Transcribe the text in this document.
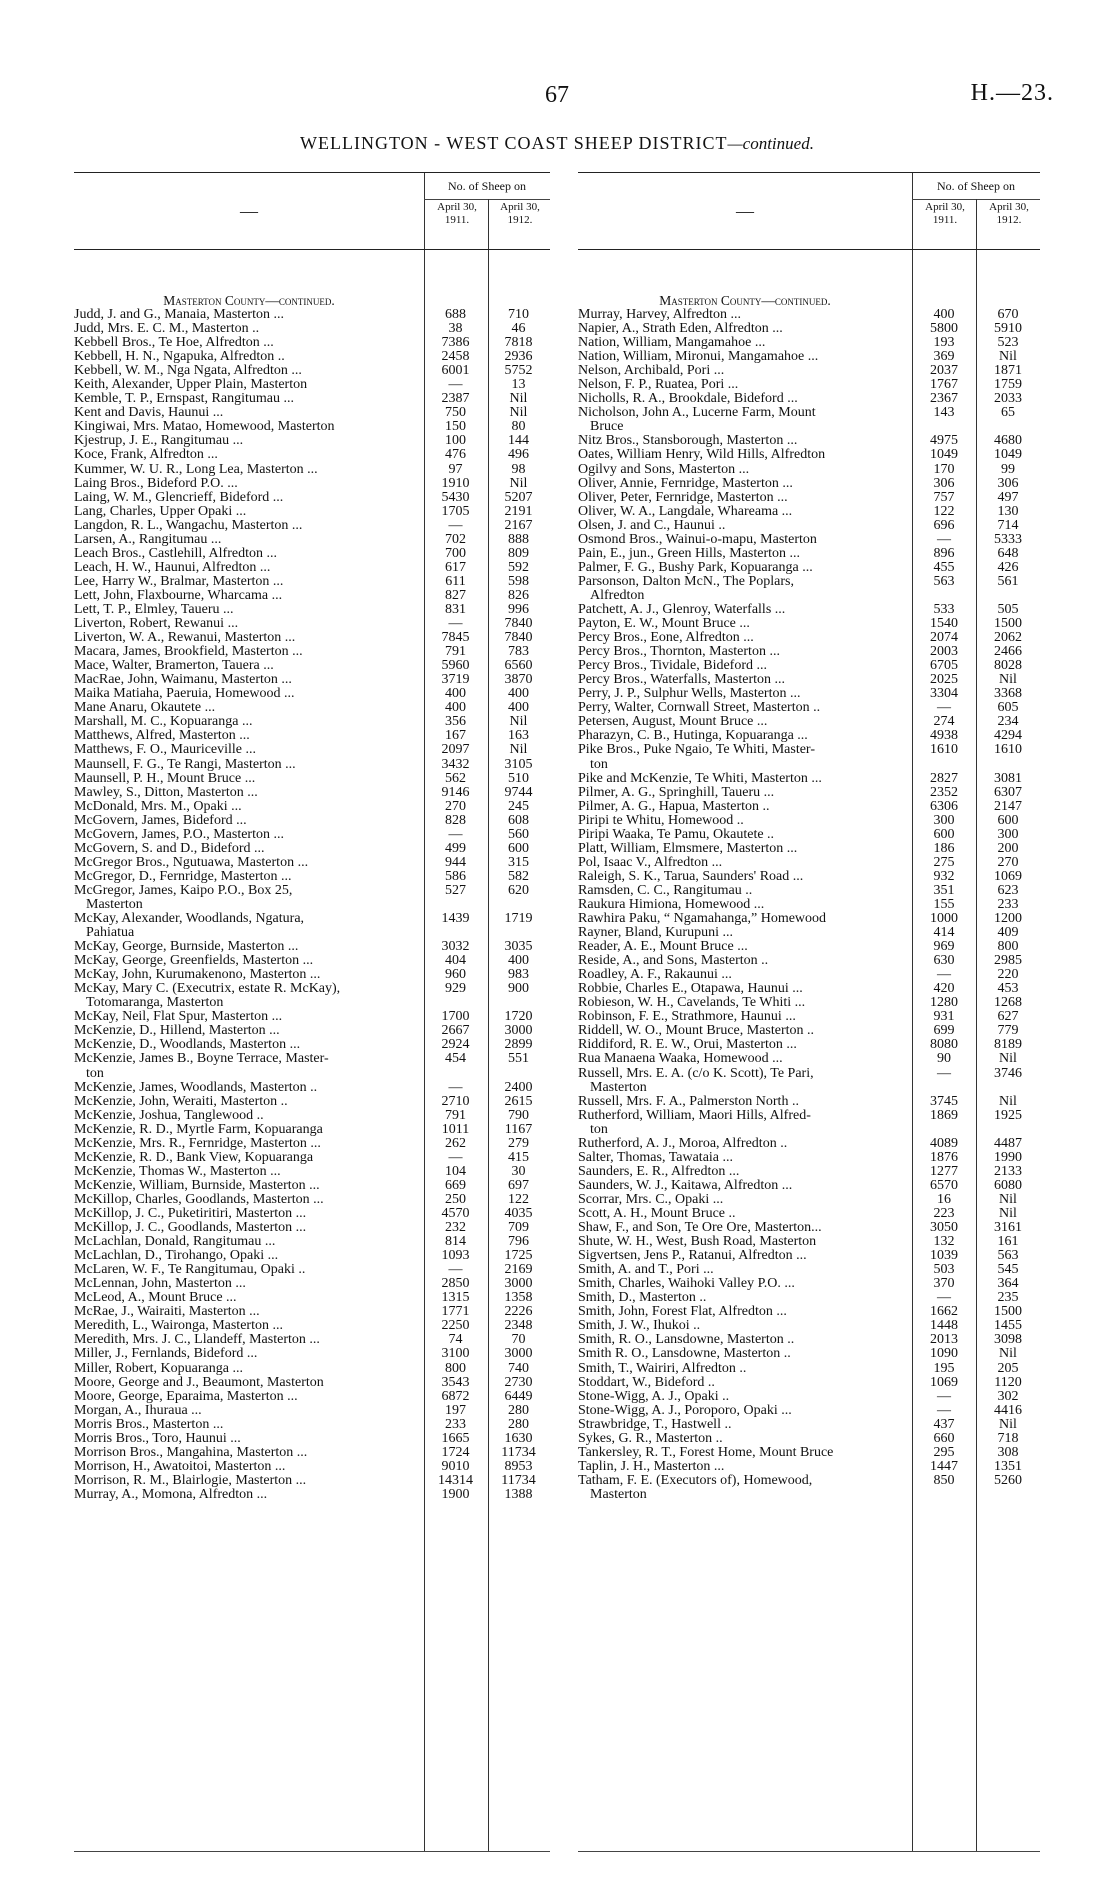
67	H.—23.
WELLINGTON - WEST COAST SHEEP DISTRICT—continued.
—
No. of Sheep on
April 30, 1911.
April 30, 1912.
Masterton County—continued.
Judd, J. and G., Manaia, Masterton ...	688	710
Judd, Mrs. E. C. M., Masterton ..	38	46
Kebbell Bros., Te Hoe, Alfredton ...	7386	7818
Kebbell, H. N., Ngapuka, Alfredton ..	2458	2936
Kebbell, W. M., Nga Ngata, Alfredton ...	6001	5752
Keith, Alexander, Upper Plain, Masterton	—	13
Kemble, T. P., Ernspast, Rangitumau ...	2387	Nil
Kent and Davis, Haunui ...	750	Nil
Kingiwai, Mrs. Matao, Homewood, Masterton	150	80
Kjestrup, J. E., Rangitumau ...	100	144
Koce, Frank, Alfredton ...	476	496
Kummer, W. U. R., Long Lea, Masterton ...	97	98
Laing Bros., Bideford P.O. ...	1910	Nil
Laing, W. M., Glencrieff, Bideford ...	5430	5207
Lang, Charles, Upper Opaki ...	1705	2191
Langdon, R. L., Wangachu, Masterton ...	—	2167
Larsen, A., Rangitumau ...	702	888
Leach Bros., Castlehill, Alfredton ...	700	809
Leach, H. W., Haunui, Alfredton ...	617	592
Lee, Harry W., Bralmar, Masterton ...	611	598
Lett, John, Flaxbourne, Wharcama ...	827	826
Lett, T. P., Elmley, Taueru ...	831	996
Liverton, Robert, Rewanui ...	—	7840
Liverton, W. A., Rewanui, Masterton ...	7845	7840
Macara, James, Brookfield, Masterton ...	791	783
Mace, Walter, Bramerton, Tauera ...	5960	6560
MacRae, John, Waimanu, Masterton ...	3719	3870
Maika Matiaha, Paeruia, Homewood ...	400	400
Mane Anaru, Okautete ...	400	400
Marshall, M. C., Kopuaranga ...	356	Nil
Matthews, Alfred, Masterton ...	167	163
Matthews, F. O., Mauriceville ...	2097	Nil
Maunsell, F. G., Te Rangi, Masterton ...	3432	3105
Maunsell, P. H., Mount Bruce ...	562	510
Mawley, S., Ditton, Masterton ...	9146	9744
McDonald, Mrs. M., Opaki ...	270	245
McGovern, James, Bideford ...	828	608
McGovern, James, P.O., Masterton ...	—	560
McGovern, S. and D., Bideford ...	499	600
McGregor Bros., Ngutuawa, Masterton ...	944	315
McGregor, D., Fernridge, Masterton ...	586	582
McGregor, James, Kaipo P.O., Box 25,	527	620
Masterton
McKay, Alexander, Woodlands, Ngatura,	1439	1719
Pahiatua
McKay, George, Burnside, Masterton ...	3032	3035
McKay, George, Greenfields, Masterton ...	404	400
McKay, John, Kurumakenono, Masterton ...	960	983
McKay, Mary C. (Executrix, estate R. McKay),	929	900
Totomaranga, Masterton
McKay, Neil, Flat Spur, Masterton ...	1700	1720
McKenzie, D., Hillend, Masterton ...	2667	3000
McKenzie, D., Woodlands, Masterton ...	2924	2899
McKenzie, James B., Boyne Terrace, Master-	454	551
ton
McKenzie, James, Woodlands, Masterton ..	—	2400
McKenzie, John, Weraiti, Masterton ..	2710	2615
McKenzie, Joshua, Tanglewood ..	791	790
McKenzie, R. D., Myrtle Farm, Kopuaranga	1011	1167
McKenzie, Mrs. R., Fernridge, Masterton ...	262	279
McKenzie, R. D., Bank View, Kopuaranga	—	415
McKenzie, Thomas W., Masterton ...	104	30
McKenzie, William, Burnside, Masterton ...	669	697
McKillop, Charles, Goodlands, Masterton ...	250	122
McKillop, J. C., Puketiritiri, Masterton ...	4570	4035
McKillop, J. C., Goodlands, Masterton ...	232	709
McLachlan, Donald, Rangitumau ...	814	796
McLachlan, D., Tirohango, Opaki ...	1093	1725
McLaren, W. F., Te Rangitumau, Opaki ..	—	2169
McLennan, John, Masterton ...	2850	3000
McLeod, A., Mount Bruce ...	1315	1358
McRae, J., Wairaiti, Masterton ...	1771	2226
Meredith, L., Waironga, Masterton ...	2250	2348
Meredith, Mrs. J. C., Llandeff, Masterton ...	74	70
Miller, J., Fernlands, Bideford ...	3100	3000
Miller, Robert, Kopuaranga ...	800	740
Moore, George and J., Beaumont, Masterton	3543	2730
Moore, George, Eparaima, Masterton ...	6872	6449
Morgan, A., Ihuraua ...	197	280
Morris Bros., Masterton ...	233	280
Morris Bros., Toro, Haunui ...	1665	1630
Morrison Bros., Mangahina, Masterton ...	1724	11734
Morrison, H., Awatoitoi, Masterton ...	9010	8953
Morrison, R. M., Blairlogie, Masterton ...	14314	11734
Murray, A., Momona, Alfredton ...	1900	1388
—
No. of Sheep on
April 30, 1911.
April 30, 1912.
Masterton County—continued.
Murray, Harvey, Alfredton ...	400	670
Napier, A., Strath Eden, Alfredton ...	5800	5910
Nation, William, Mangamahoe ...	193	523
Nation, William, Mironui, Mangamahoe ...	369	Nil
Nelson, Archibald, Pori ...	2037	1871
Nelson, F. P., Ruatea, Pori ...	1767	1759
Nicholls, R. A., Brookdale, Bideford ...	2367	2033
Nicholson, John A., Lucerne Farm, Mount	143	65
Bruce
Nitz Bros., Stansborough, Masterton ...	4975	4680
Oates, William Henry, Wild Hills, Alfredton	1049	1049
Ogilvy and Sons, Masterton ...	170	99
Oliver, Annie, Fernridge, Masterton ...	306	306
Oliver, Peter, Fernridge, Masterton ...	757	497
Oliver, W. A., Langdale, Whareama ...	122	130
Olsen, J. and C., Haunui ..	696	714
Osmond Bros., Wainui-o-mapu, Masterton	—	5333
Pain, E., jun., Green Hills, Masterton ...	896	648
Palmer, F. G., Bushy Park, Kopuaranga ...	455	426
Parsonson, Dalton McN., The Poplars,	563	561
Alfredton
Patchett, A. J., Glenroy, Waterfalls ...	533	505
Payton, E. W., Mount Bruce ...	1540	1500
Percy Bros., Eone, Alfredton ...	2074	2062
Percy Bros., Thornton, Masterton ...	2003	2466
Percy Bros., Tividale, Bideford ...	6705	8028
Percy Bros., Waterfalls, Masterton ...	2025	Nil
Perry, J. P., Sulphur Wells, Masterton ...	3304	3368
Perry, Walter, Cornwall Street, Masterton ..	—	605
Petersen, August, Mount Bruce ...	274	234
Pharazyn, C. B., Hutinga, Kopuaranga ...	4938	4294
Pike Bros., Puke Ngaio, Te Whiti, Master-	1610	1610
ton
Pike and McKenzie, Te Whiti, Masterton ...	2827	3081
Pilmer, A. G., Springhill, Taueru ...	2352	6307
Pilmer, A. G., Hapua, Masterton ..	6306	2147
Piripi te Whitu, Homewood ..	300	600
Piripi Waaka, Te Pamu, Okautete ..	600	300
Platt, William, Elmsmere, Masterton ...	186	200
Pol, Isaac V., Alfredton ...	275	270
Raleigh, S. K., Tarua, Saunders' Road ...	932	1069
Ramsden, C. C., Rangitumau ..	351	623
Raukura Himiona, Homewood ...	155	233
Rawhira Paku, “ Ngamahanga,” Homewood	1000	1200
Rayner, Bland, Kurupuni ...	414	409
Reader, A. E., Mount Bruce ...	969	800
Reside, A., and Sons, Masterton ..	630	2985
Roadley, A. F., Rakaunui ...	—	220
Robbie, Charles E., Otapawa, Haunui ...	420	453
Robieson, W. H., Cavelands, Te Whiti ...	1280	1268
Robinson, F. E., Strathmore, Haunui ...	931	627
Riddell, W. O., Mount Bruce, Masterton ..	699	779
Riddiford, R. E. W., Orui, Masterton ...	8080	8189
Rua Manaena Waaka, Homewood ...	90	Nil
Russell, Mrs. E. A. (c/o K. Scott), Te Pari,	—	3746
Masterton
Russell, Mrs. F. A., Palmerston North ..	3745	Nil
Rutherford, William, Maori Hills, Alfred-	1869	1925
ton
Rutherford, A. J., Moroa, Alfredton ..	4089	4487
Salter, Thomas, Tawataia ...	1876	1990
Saunders, E. R., Alfredton ...	1277	2133
Saunders, W. J., Kaitawa, Alfredton ...	6570	6080
Scorrar, Mrs. C., Opaki ...	16	Nil
Scott, A. H., Mount Bruce ..	223	Nil
Shaw, F., and Son, Te Ore Ore, Masterton...	3050	3161
Shute, W. H., West, Bush Road, Masterton	132	161
Sigvertsen, Jens P., Ratanui, Alfredton ...	1039	563
Smith, A. and T., Pori ...	503	545
Smith, Charles, Waihoki Valley P.O. ...	370	364
Smith, D., Masterton ..	—	235
Smith, John, Forest Flat, Alfredton ...	1662	1500
Smith, J. W., Ihukoi ..	1448	1455
Smith, R. O., Lansdowne, Masterton ..	2013	3098
Smith R. O., Lansdowne, Masterton ..	1090	Nil
Smith, T., Wairiri, Alfredton ..	195	205
Stoddart, W., Bideford ..	1069	1120
Stone-Wigg, A. J., Opaki ..	—	302
Stone-Wigg, A. J., Poroporo, Opaki ...	—	4416
Strawbridge, T., Hastwell ..	437	Nil
Sykes, G. R., Masterton ..	660	718
Tankersley, R. T., Forest Home, Mount Bruce	295	308
Taplin, J. H., Masterton ...	1447	1351
Tatham, F. E. (Executors of), Homewood,	850	5260
Masterton
